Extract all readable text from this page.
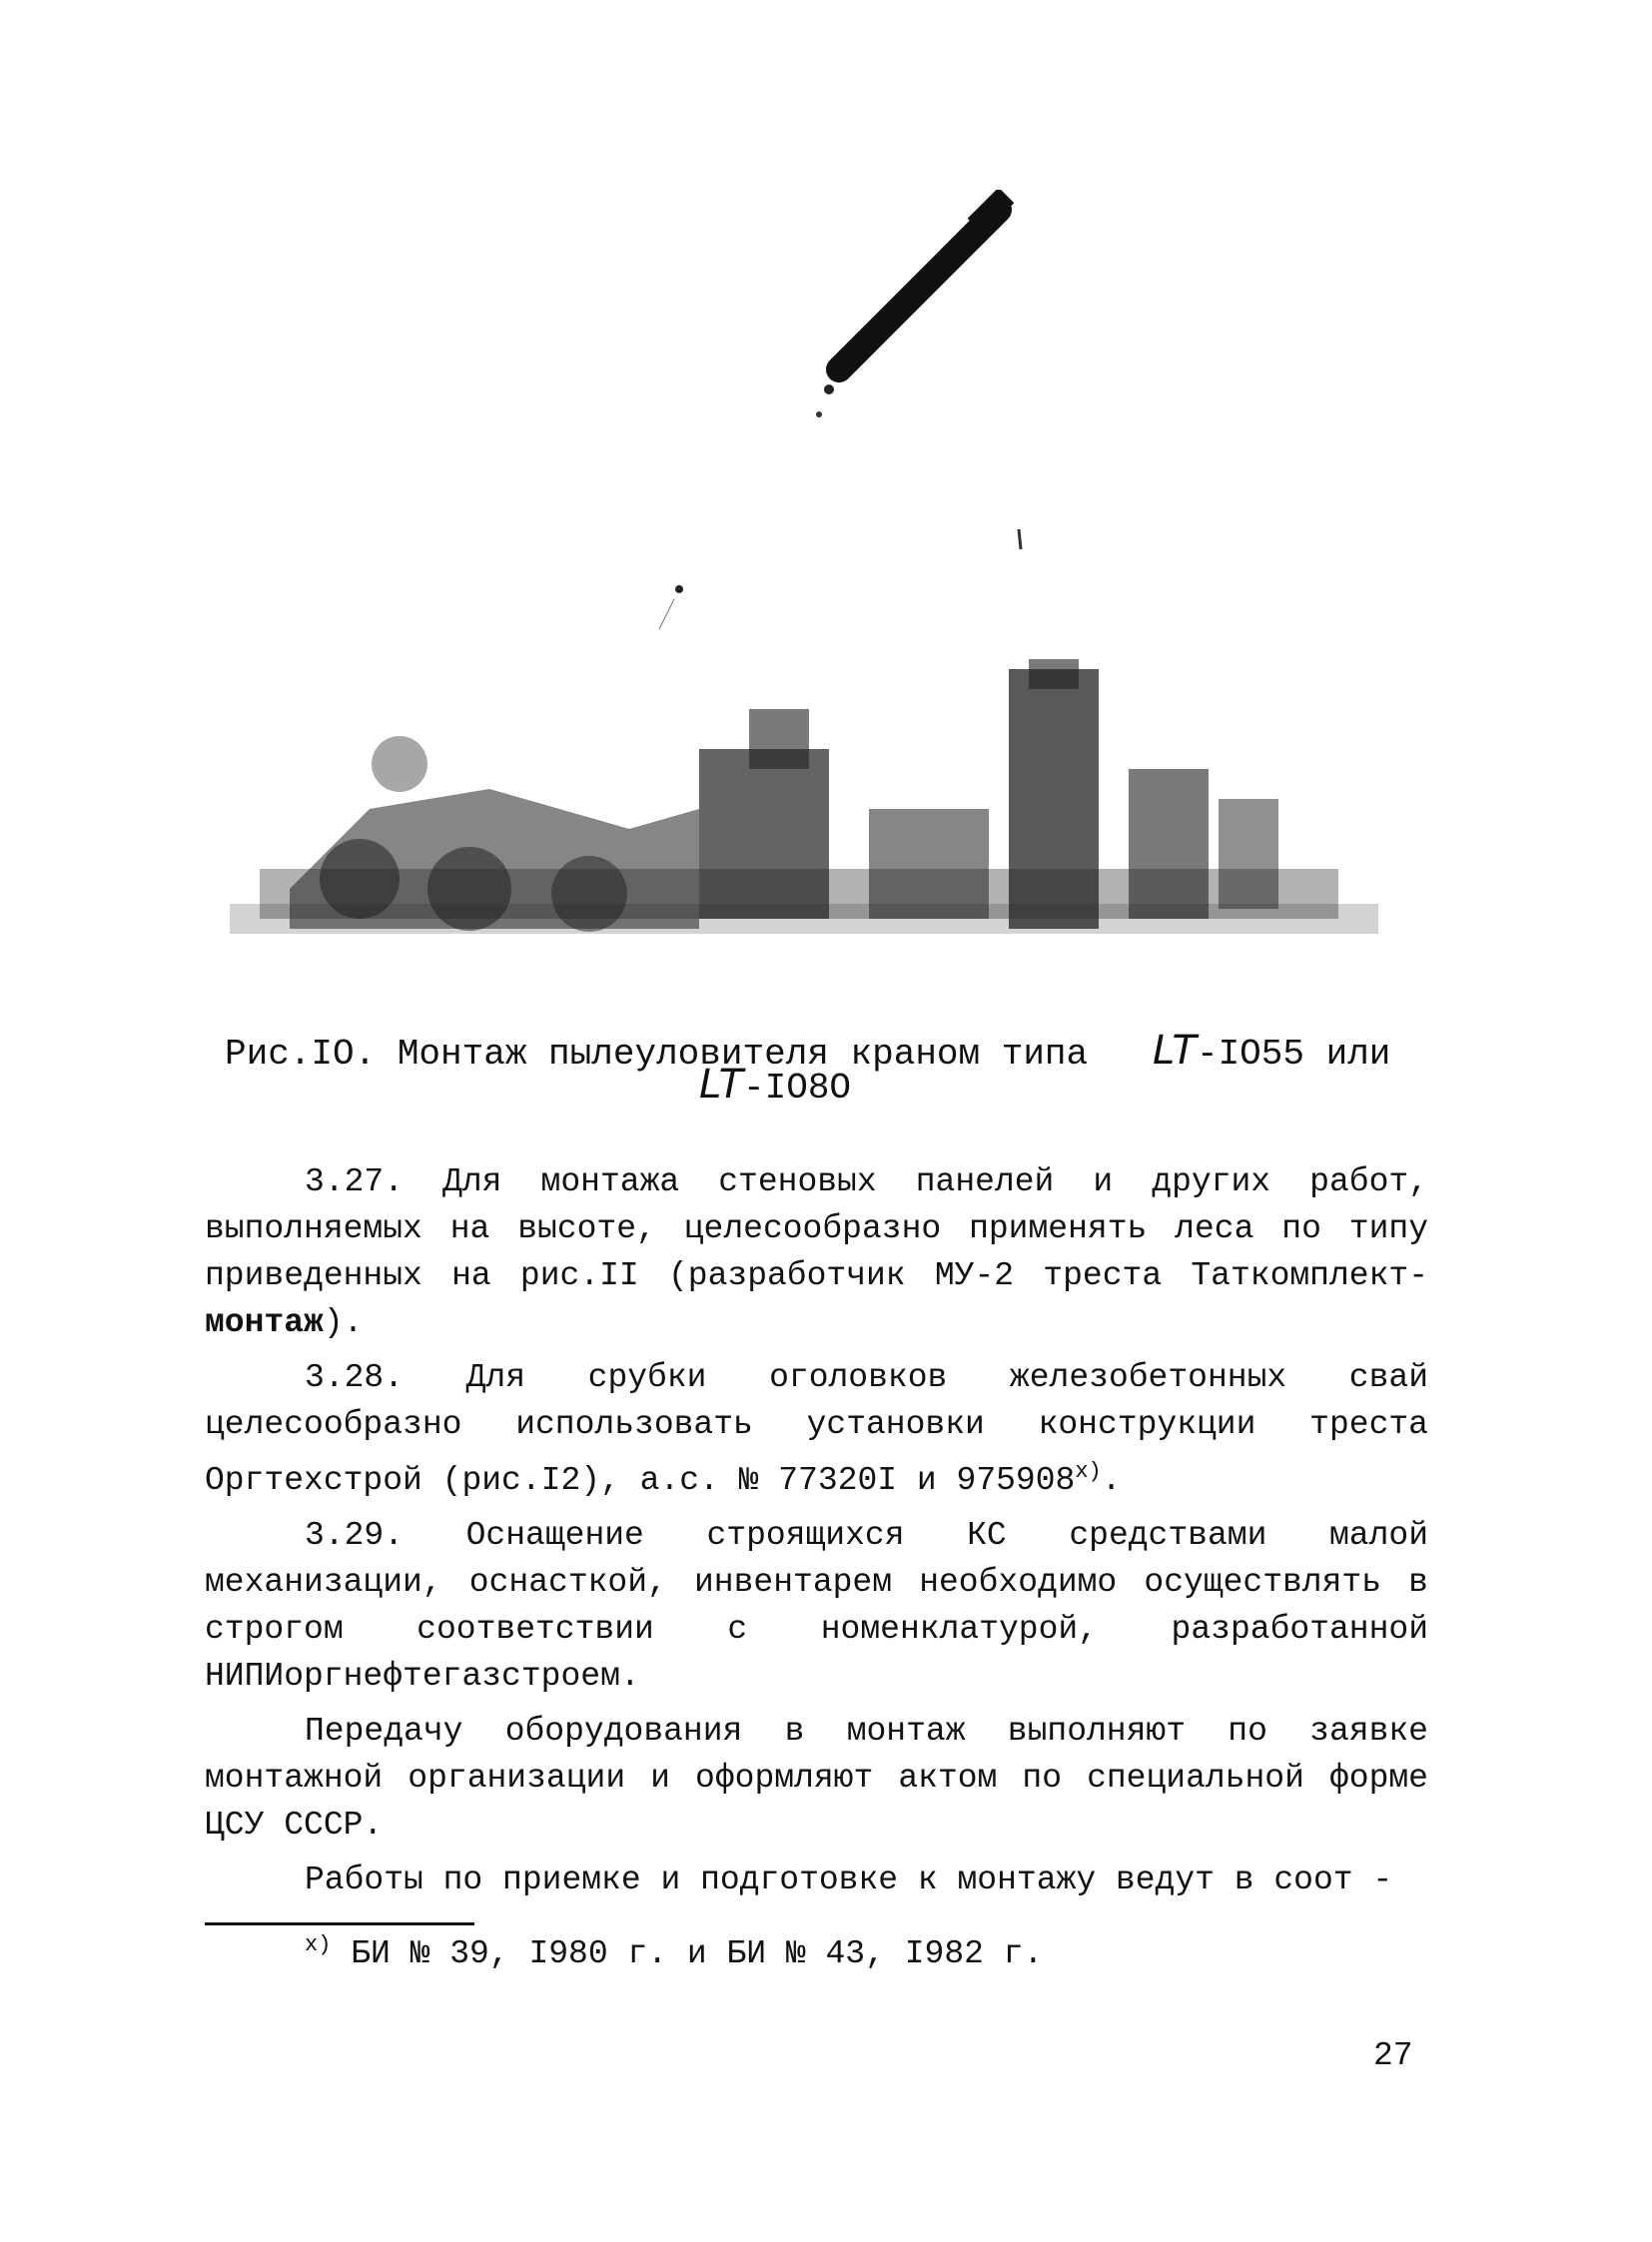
Рис.IO. Монтаж пылеуловителя краном типа LT-IO55 или
LT-IO8O

3.27. Для монтажа стеновых панелей и других работ, выполняемых на высоте, целесообразно применять леса по типу приведенных на рис.II (разработчик МУ-2 треста Таткомплект- монтаж).

3.28. Для срубки оголовков железобетонных свай целесообразно использовать установки конструкции треста Оргтехстрой (рис.I2), а.с. № 77320I и $975908^{х)}$.

3.29. Оснащение строящихся КС средствами малой механизации, оснасткой, инвентарем необходимо осуществлять в строгом соответствии с номенклатурой, разработанной НИПИоргнефтегазстроем.

Передачу оборудования в монтаж выполняют по заявке монтажной организации и оформляют актом по специальной форме ЦСУ СССР.

Работы по приемке и подготовке к монтажу ведут в соот -

$^{х)}$ БИ № 39, I980 г. и БИ № 43, I982 г.
27
